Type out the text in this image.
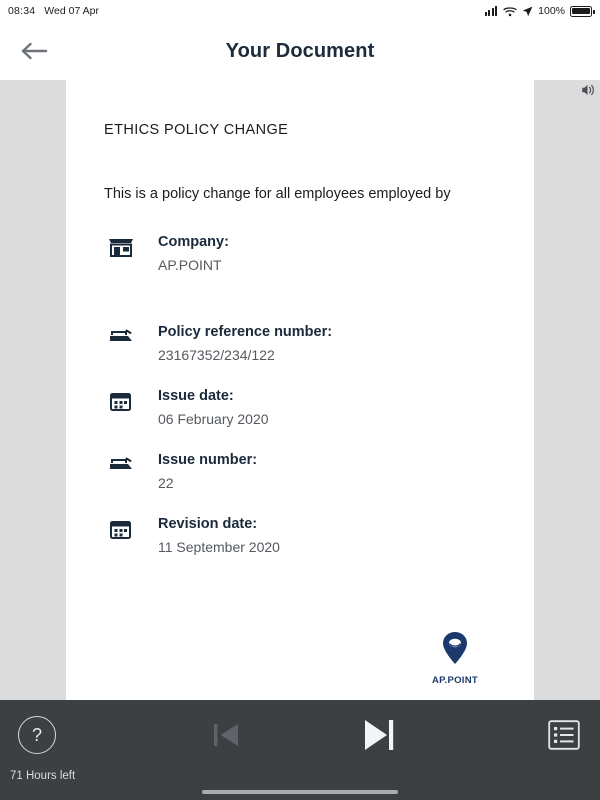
08:34 Wed 07 Apr	100%
Your Document
ETHICS POLICY CHANGE
This is a policy change for all employees employed by
Company:
AP.POINT
Policy reference number:
23167352/234/122
Issue date:
06 February 2020
Issue number:
22
Revision date:
11 September 2020
AP.POINT
?
71 Hours left
